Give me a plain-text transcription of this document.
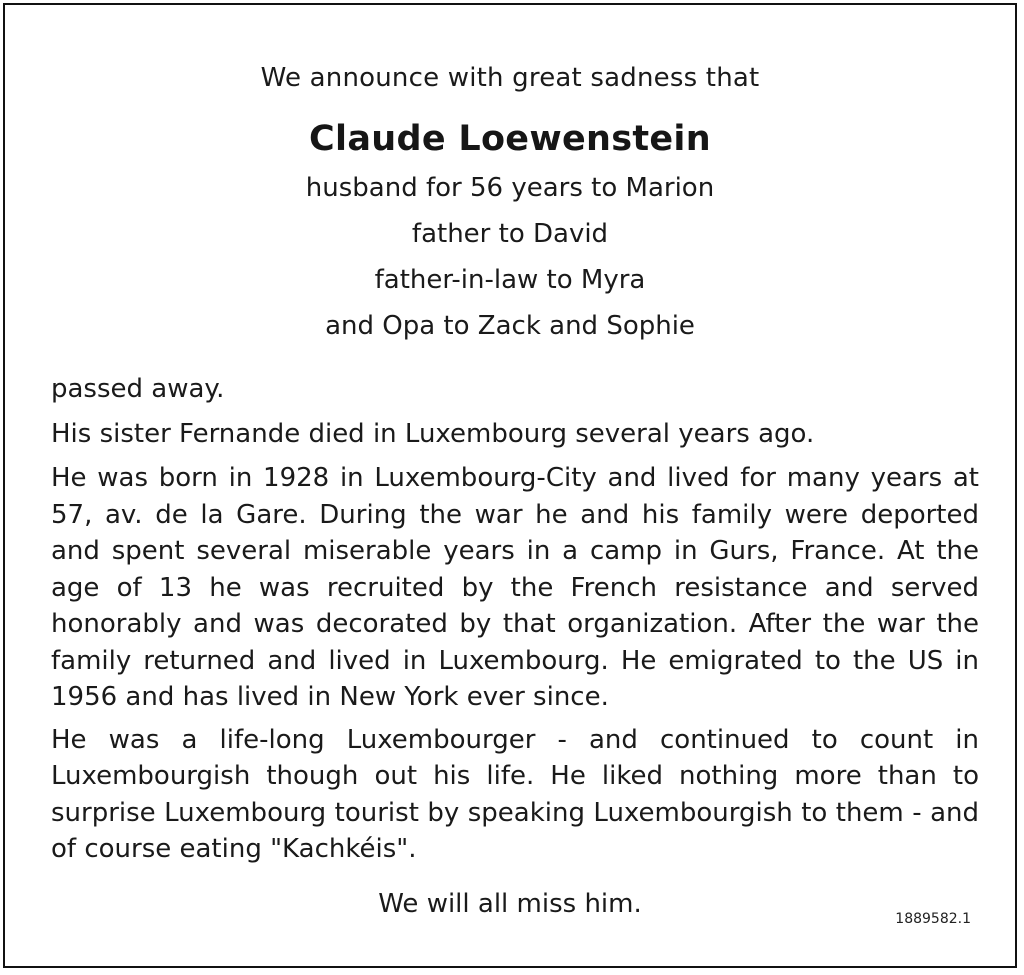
We announce with great sadness that
Claude Loewenstein
husband for 56 years to Marion
father to David
father-in-law to Myra
and Opa to Zack and Sophie

passed away.

His sister Fernande died in Luxembourg several years ago.

He was born in 1928 in Luxembourg-City and lived for many years at 57, av. de la Gare. During the war he and his family were deported and spent several miserable years in a camp in Gurs, France. At the age of 13 he was recruited by the French resistance and served honorably and was decorated by that organization. After the war the family returned and lived in Luxembourg. He emigrated to the US in 1956 and has lived in New York ever since.

He was a life-long Luxembourger - and continued to count in Luxembourgish though out his life. He liked nothing more than to surprise Luxembourg tourist by speaking Luxembourgish to them - and of course eating "Kachkéis".

We will all miss him.	1889582.1
